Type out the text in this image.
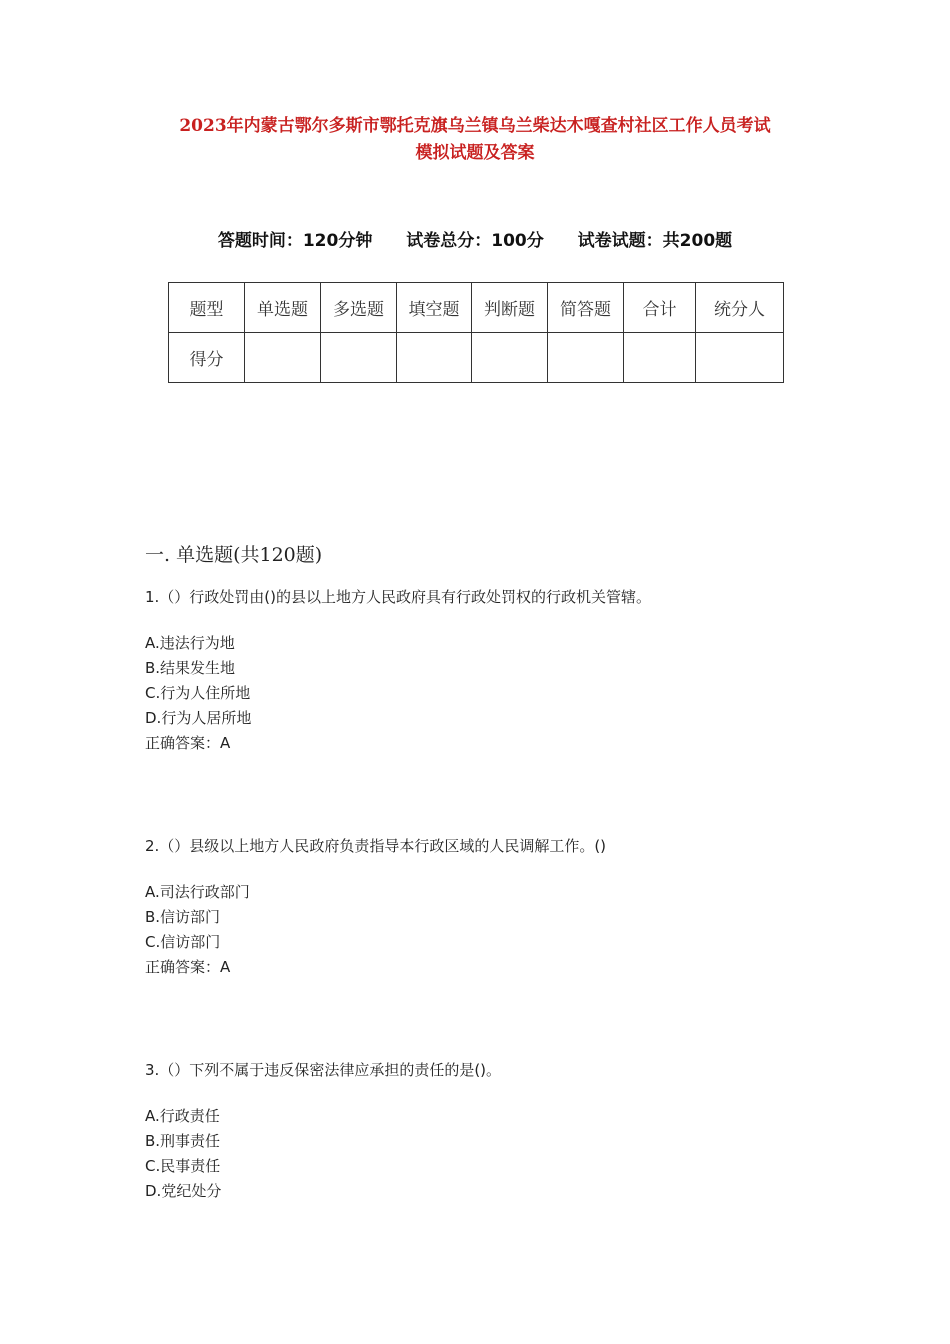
2023年内蒙古鄂尔多斯市鄂托克旗乌兰镇乌兰柴达木嘎查村社区工作人员考试
模拟试题及答案
答题时间：120分钟 试卷总分：100分 试卷试题：共200题
题型	单选题	多选题	填空题	判断题	简答题	合计	统分人
得分							
一. 单选题(共120题)
1.（）行政处罚由()的县以上地方人民政府具有行政处罚权的行政机关管辖。
A.违法行为地
B.结果发生地
C.行为人住所地
D.行为人居所地
正确答案：A
2.（）县级以上地方人民政府负责指导本行政区域的人民调解工作。()
A.司法行政部门
B.信访部门
C.信访部门
正确答案：A
3.（）下列不属于违反保密法律应承担的责任的是()。
A.行政责任
B.刑事责任
C.民事责任
D.党纪处分
